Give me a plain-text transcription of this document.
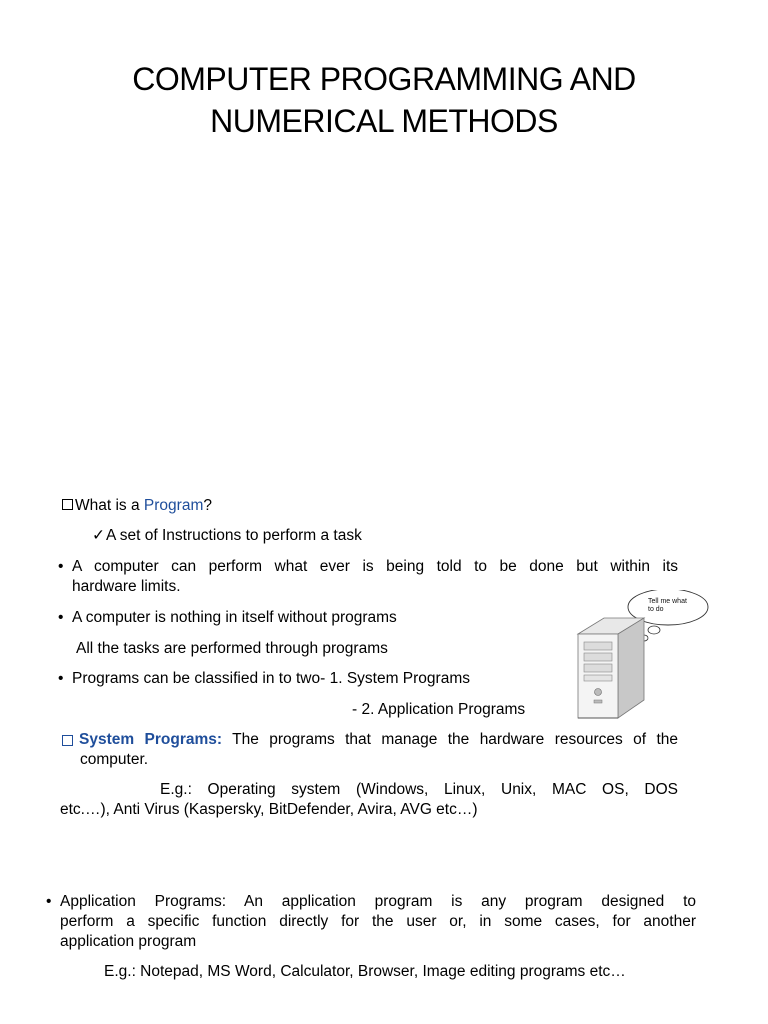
COMPUTER PROGRAMMING AND
NUMERICAL METHODS
What is a Program?
✓A set of Instructions to perform a task
• A computer can perform what ever is being told to be done but within its
hardware limits.
• A computer is nothing in itself without programs
All the tasks are performed through programs
• Programs can be classified in to two- 1. System Programs
- 2. Application Programs
System Programs: The programs that manage the hardware resources of the
computer.
E.g.: Operating system (Windows, Linux, Unix, MAC OS, DOS
etc.…), Anti Virus (Kaspersky, BitDefender, Avira, AVG etc…)
• Application Programs: An application program is any program designed to
perform a specific function directly for the user or, in some cases, for another
application program
E.g.: Notepad, MS Word, Calculator, Browser, Image editing programs etc…
Tell me what
to do
